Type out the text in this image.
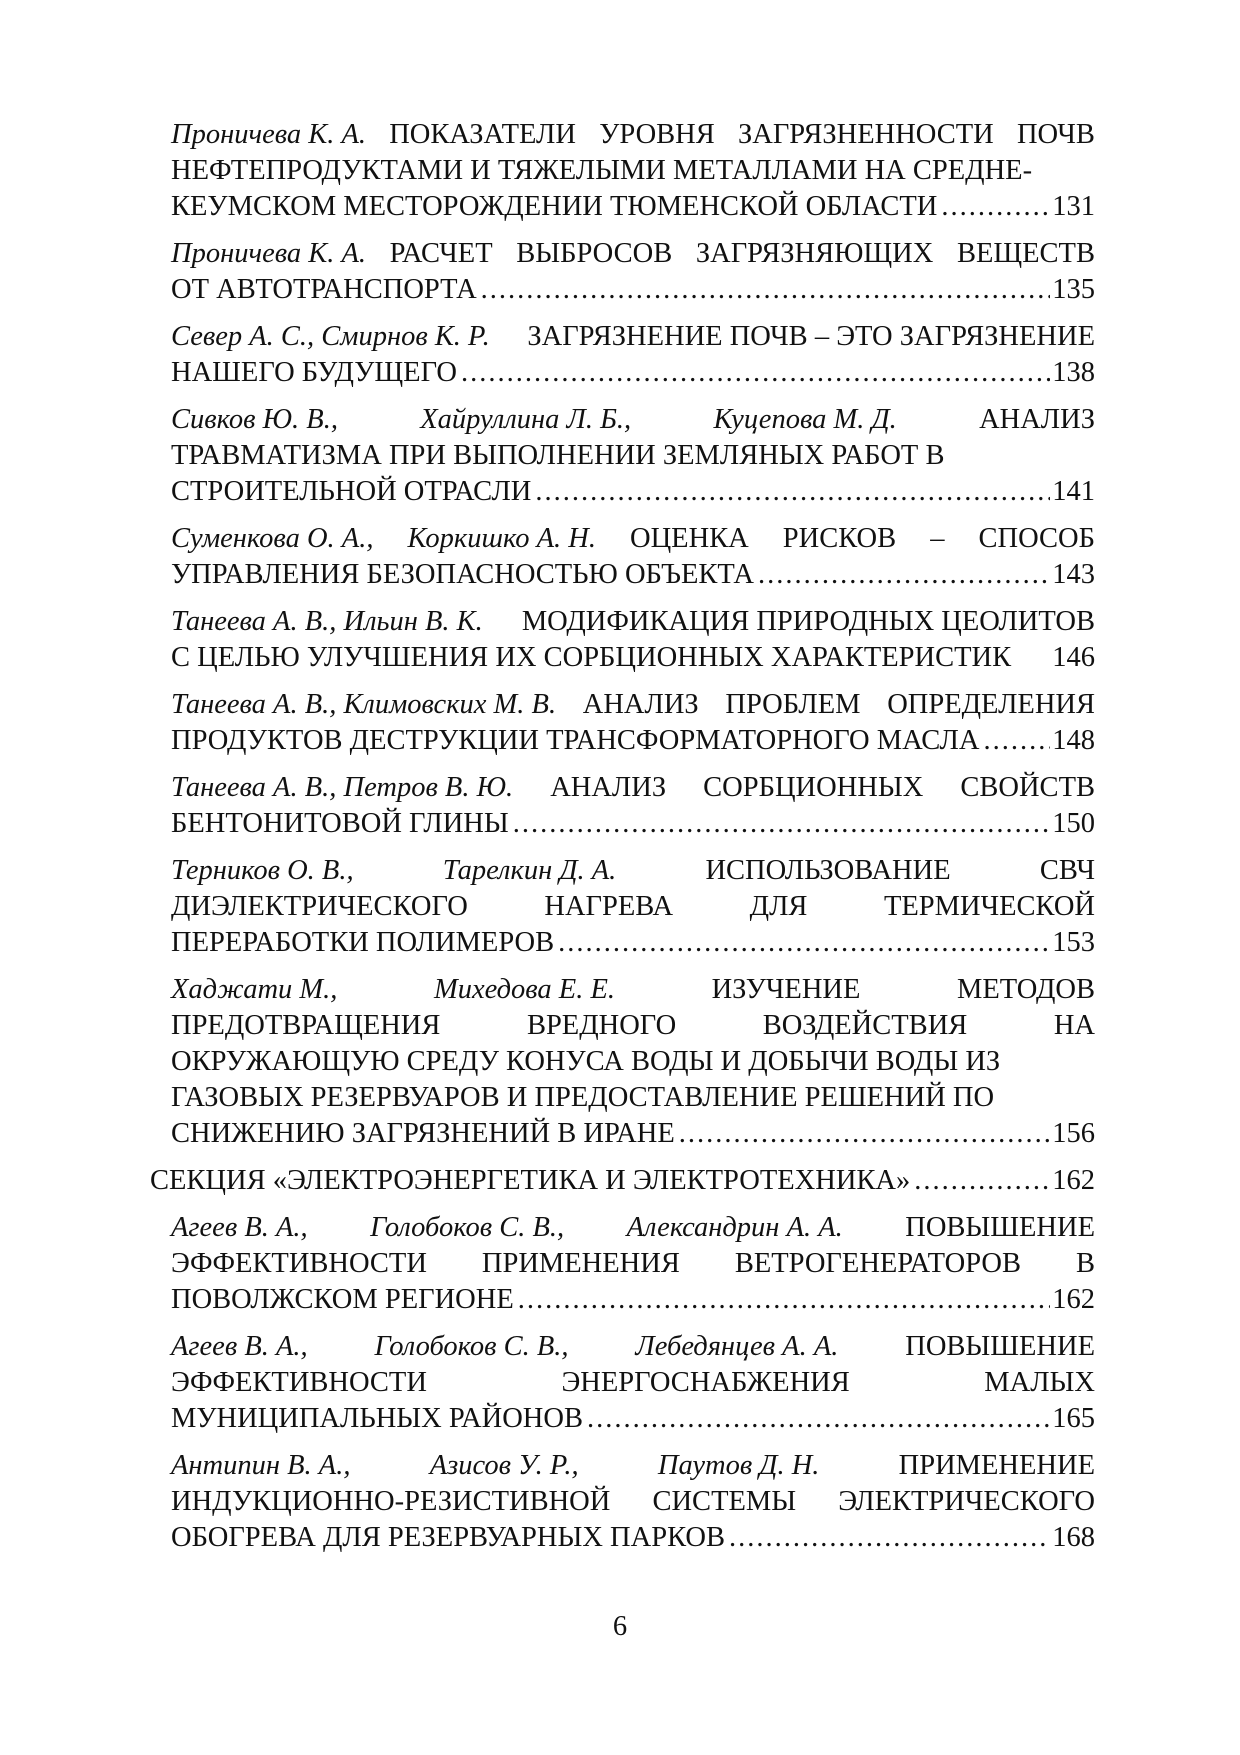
Проничева К. А. ПОКАЗАТЕЛИ УРОВНЯ ЗАГРЯЗНЕННОСТИ ПОЧВ
НЕФТЕПРОДУКТАМИ И ТЯЖЕЛЫМИ МЕТАЛЛАМИ НА СРЕДНЕ-
КЕУМСКОМ МЕСТОРОЖДЕНИИ ТЮМЕНСКОЙ ОБЛАСТИ .....	131
Проничева К. А. РАСЧЕТ ВЫБРОСОВ ЗАГРЯЗНЯЮЩИХ ВЕЩЕСТВ
ОТ АВТОТРАНСПОРТА .....	135
Север А. С., Смирнов К. Р. ЗАГРЯЗНЕНИЕ ПОЧВ – ЭТО ЗАГРЯЗНЕНИЕ
НАШЕГО БУДУЩЕГО .....	138
Сивков Ю. В.,	Хайруллина Л. Б.,	Куцепова М. Д.	АНАЛИЗ
ТРАВМАТИЗМА ПРИ ВЫПОЛНЕНИИ ЗЕМЛЯНЫХ РАБОТ В
СТРОИТЕЛЬНОЙ ОТРАСЛИ .....	141
Суменкова О. А., Коркишко А. Н. ОЦЕНКА РИСКОВ – СПОСОБ
УПРАВЛЕНИЯ БЕЗОПАСНОСТЬЮ ОБЪЕКТА .....	143
Танеева А. В., Ильин В. К. МОДИФИКАЦИЯ ПРИРОДНЫХ ЦЕОЛИТОВ
С ЦЕЛЬЮ УЛУЧШЕНИЯ ИХ СОРБЦИОННЫХ ХАРАКТЕРИСТИК 146
Танеева А. В., Климовских М. В. АНАЛИЗ ПРОБЛЕМ ОПРЕДЕЛЕНИЯ
ПРОДУКТОВ ДЕСТРУКЦИИ ТРАНСФОРМАТОРНОГО МАСЛА .....	148
Танеева А. В., Петров В. Ю. АНАЛИЗ СОРБЦИОННЫХ СВОЙСТВ
БЕНТОНИТОВОЙ ГЛИНЫ .....	150
Терников О. В.,	Тарелкин Д. А.	ИСПОЛЬЗОВАНИЕ	СВЧ
ДИЭЛЕКТРИЧЕСКОГО	НАГРЕВА	ДЛЯ	ТЕРМИЧЕСКОЙ
ПЕРЕРАБОТКИ ПОЛИМЕРОВ .....	153
Хаджати М.,	Михедова Е. Е.	ИЗУЧЕНИЕ	МЕТОДОВ
ПРЕДОТВРАЩЕНИЯ	ВРЕДНОГО	ВОЗДЕЙСТВИЯ	НА
ОКРУЖАЮЩУЮ СРЕДУ КОНУСА ВОДЫ И ДОБЫЧИ ВОДЫ ИЗ
ГАЗОВЫХ РЕЗЕРВУАРОВ И ПРЕДОСТАВЛЕНИЕ РЕШЕНИЙ ПО
СНИЖЕНИЮ ЗАГРЯЗНЕНИЙ В ИРАНЕ .....	156
СЕКЦИЯ «ЭЛЕКТРОЭНЕРГЕТИКА И ЭЛЕКТРОТЕХНИКА» .....	162
Агеев В. А., Голобоков С. В., Александрин А. А. ПОВЫШЕНИЕ
ЭФФЕКТИВНОСТИ ПРИМЕНЕНИЯ ВЕТРОГЕНЕРАТОРОВ В
ПОВОЛЖСКОМ РЕГИОНЕ .....	162
Агеев В. А., Голобоков С. В., Лебедянцев А. А. ПОВЫШЕНИЕ
ЭФФЕКТИВНОСТИ	ЭНЕРГОСНАБЖЕНИЯ	МАЛЫХ
МУНИЦИПАЛЬНЫХ РАЙОНОВ .....	165
Антипин В. А.,	Азисов У. Р.,	Паутов Д. Н.	ПРИМЕНЕНИЕ
ИНДУКЦИОННО-РЕЗИСТИВНОЙ СИСТЕМЫ ЭЛЕКТРИЧЕСКОГО
ОБОГРЕВА ДЛЯ РЕЗЕРВУАРНЫХ ПАРКОВ .....	168
6
